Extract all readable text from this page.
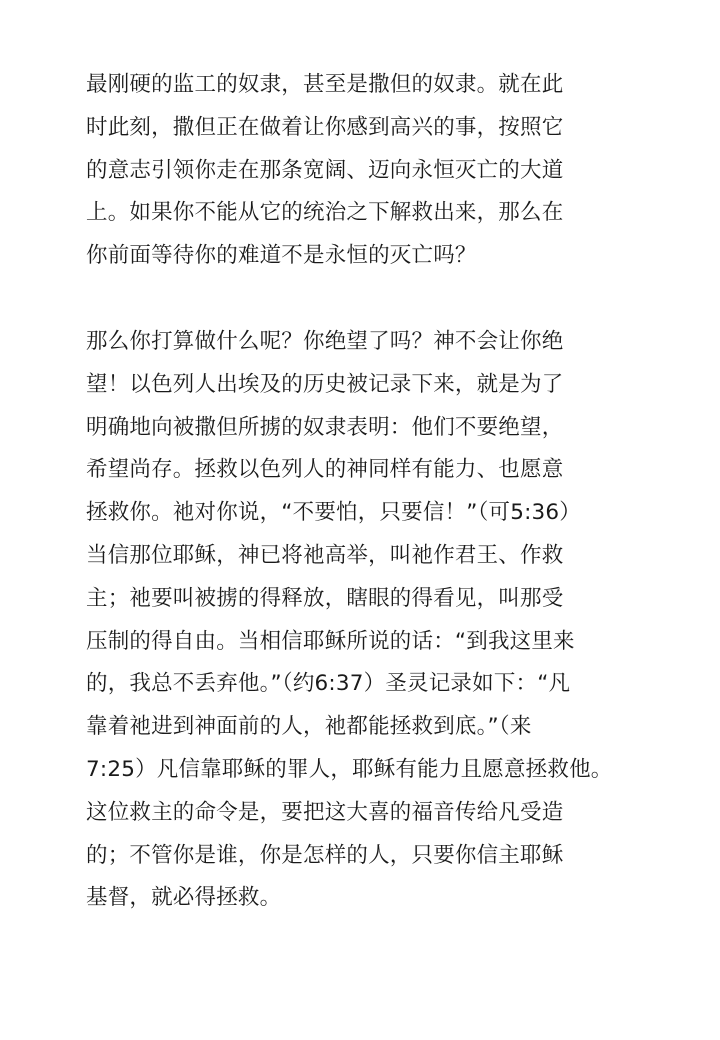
最刚硬的监工的奴隶，甚至是撒但的奴隶。就在此
时此刻，撒但正在做着让你感到高兴的事，按照它
的意志引领你走在那条宽阔、迈向永恒灭亡的大道
上。如果你不能从它的统治之下解救出来，那么在
你前面等待你的难道不是永恒的灭亡吗？
那么你打算做什么呢？你绝望了吗？神不会让你绝
望！以色列人出埃及的历史被记录下来，就是为了
明确地向被撒但所掳的奴隶表明：他们不要绝望，
希望尚存。拯救以色列人的神同样有能力、也愿意
拯救你。祂对你说，“不要怕，只要信！”（可5:36）
当信那位耶稣，神已将祂高举，叫祂作君王、作救
主；祂要叫被掳的得释放，瞎眼的得看见，叫那受
压制的得自由。当相信耶稣所说的话：“到我这里来
的，我总不丢弃他。”（约6:37）圣灵记录如下：“凡
靠着祂进到神面前的人，祂都能拯救到底。”（来
7:25）凡信靠耶稣的罪人，耶稣有能力且愿意拯救他。
这位救主的命令是，要把这大喜的福音传给凡受造
的；不管你是谁，你是怎样的人，只要你信主耶稣
基督，就必得拯救。
